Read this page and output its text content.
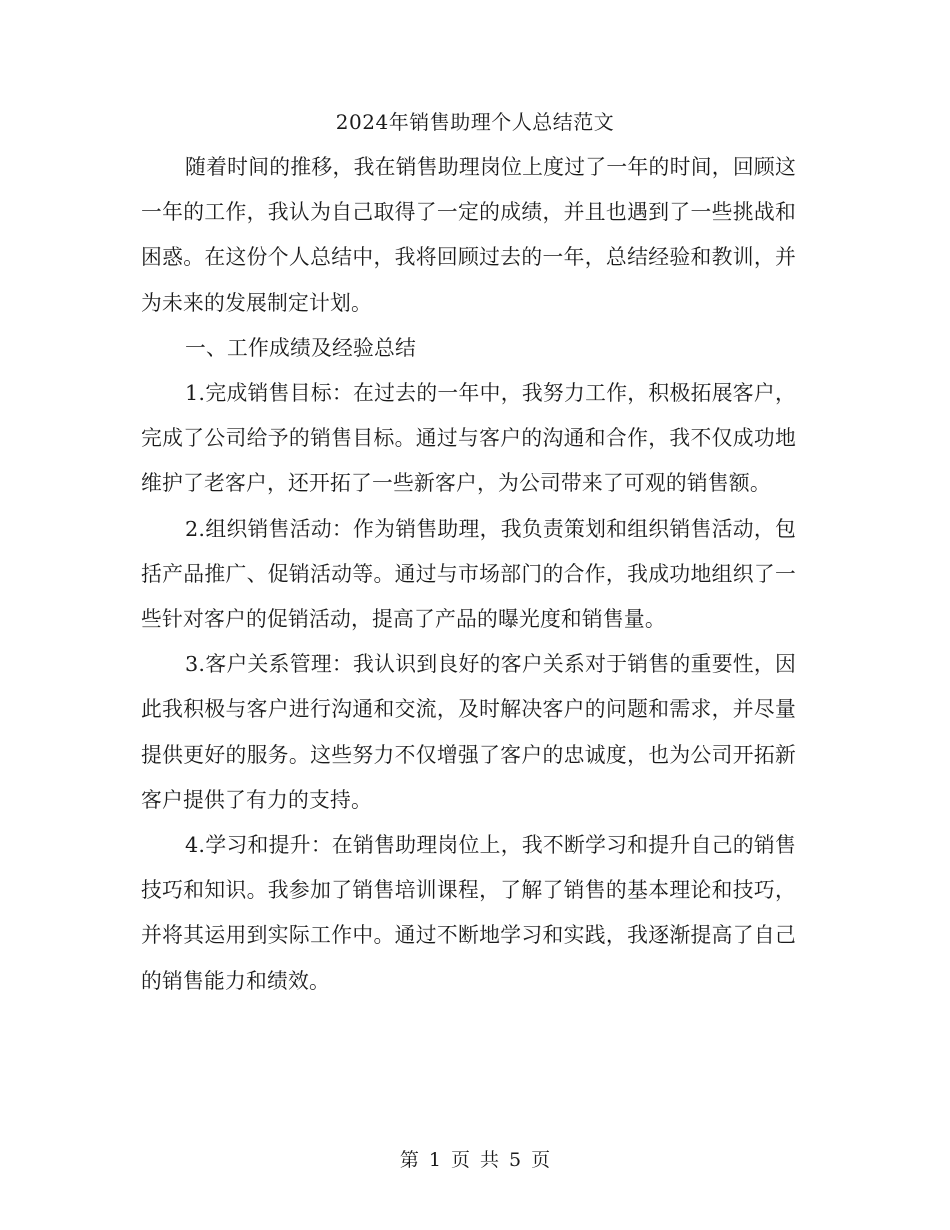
2024年销售助理个人总结范文

随着时间的推移，我在销售助理岗位上度过了一年的时间，回顾这一年的工作，我认为自己取得了一定的成绩，并且也遇到了一些挑战和困惑。在这份个人总结中，我将回顾过去的一年，总结经验和教训，并为未来的发展制定计划。

一、工作成绩及经验总结

1.完成销售目标：在过去的一年中，我努力工作，积极拓展客户，完成了公司给予的销售目标。通过与客户的沟通和合作，我不仅成功地维护了老客户，还开拓了一些新客户，为公司带来了可观的销售额。

2.组织销售活动：作为销售助理，我负责策划和组织销售活动，包括产品推广、促销活动等。通过与市场部门的合作，我成功地组织了一些针对客户的促销活动，提高了产品的曝光度和销售量。

3.客户关系管理：我认识到良好的客户关系对于销售的重要性，因此我积极与客户进行沟通和交流，及时解决客户的问题和需求，并尽量提供更好的服务。这些努力不仅增强了客户的忠诚度，也为公司开拓新客户提供了有力的支持。

4.学习和提升：在销售助理岗位上，我不断学习和提升自己的销售技巧和知识。我参加了销售培训课程，了解了销售的基本理论和技巧，并将其运用到实际工作中。通过不断地学习和实践，我逐渐提高了自己的销售能力和绩效。

第 1 页 共 5 页
